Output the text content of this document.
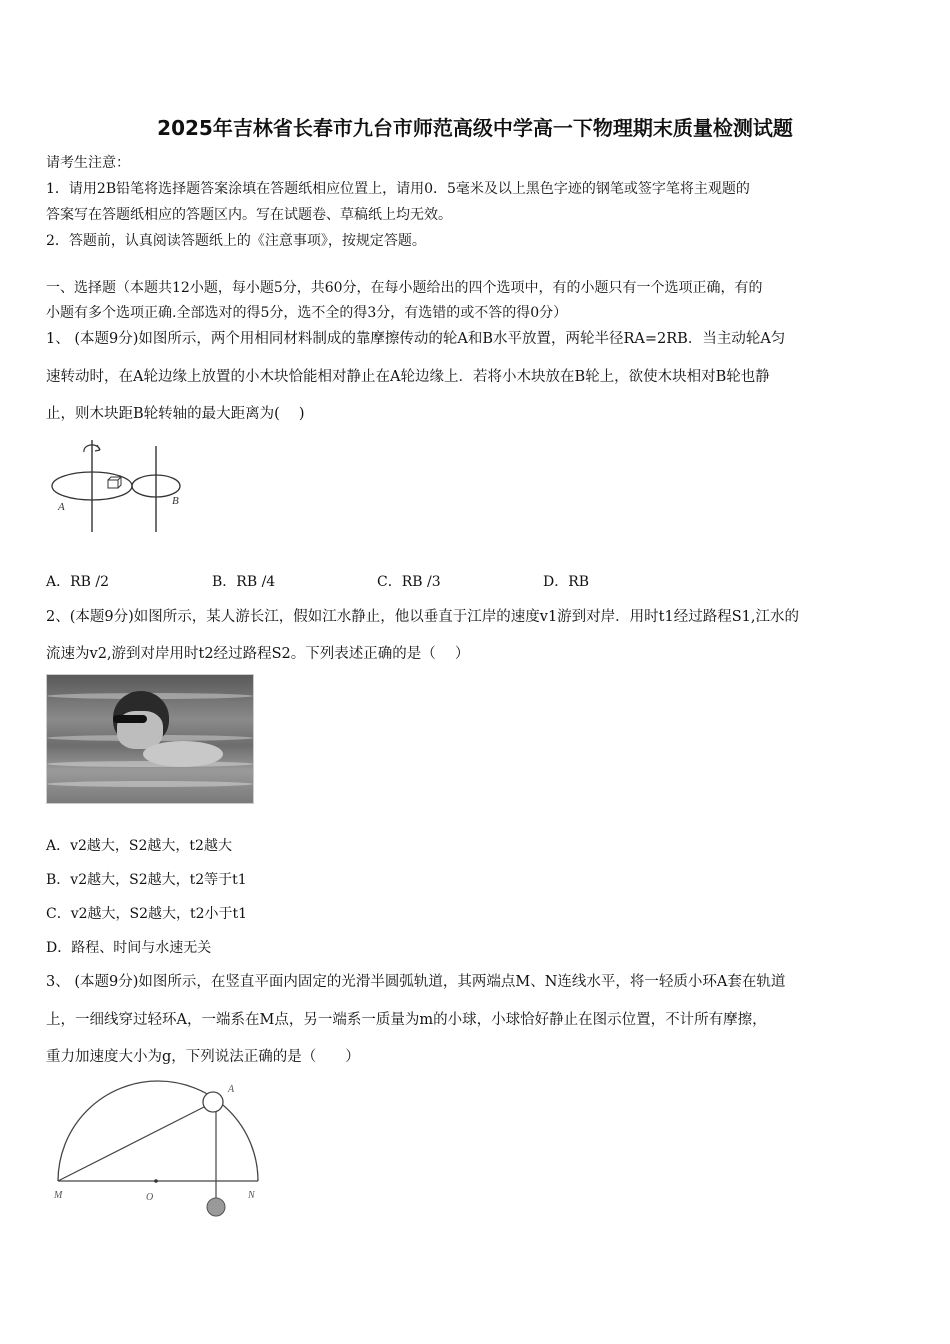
2025年吉林省长春市九台市师范高级中学高一下物理期末质量检测试题
请考生注意：
1．请用2B铅笔将选择题答案涂填在答题纸相应位置上，请用0．5毫米及以上黑色字迹的钢笔或签字笔将主观题的
答案写在答题纸相应的答题区内。写在试题卷、草稿纸上均无效。
2．答题前，认真阅读答题纸上的《注意事项》，按规定答题。
一、选择题（本题共12小题，每小题5分，共60分，在每小题给出的四个选项中，有的小题只有一个选项正确，有的
小题有多个选项正确.全部选对的得5分，选不全的得3分，有选错的或不答的得0分）
1、 (本题9分)如图所示，两个用相同材料制成的靠摩擦传动的轮A和B水平放置，两轮半径RA=2RB．当主动轮A匀
速转动时，在A轮边缘上放置的小木块恰能相对静止在A轮边缘上．若将小木块放在B轮上，欲使木块相对B轮也静
止，则木块距B轮转轴的最大距离为(　 )
A	B
A．RB /2	B．RB /4	C．RB /3	D．RB
2、(本题9分)如图所示，某人游长江，假如江水静止，他以垂直于江岸的速度v1游到对岸．用时t1经过路程S1,江水的
流速为v2,游到对岸用时t2经过路程S2。下列表述正确的是（　 ）
A．v2越大，S2越大，t2越大
B．v2越大，S2越大，t2等于t1
C．v2越大，S2越大，t2小于t1
D．路程、时间与水速无关
3、 (本题9分)如图所示，在竖直平面内固定的光滑半圆弧轨道，其两端点M、N连线水平，将一轻质小环A套在轨道
上，一细线穿过轻环A，一端系在M点，另一端系一质量为m的小球，小球恰好静止在图示位置，不计所有摩擦，
重力加速度大小为g，下列说法正确的是（　　）
A
M	O	N
